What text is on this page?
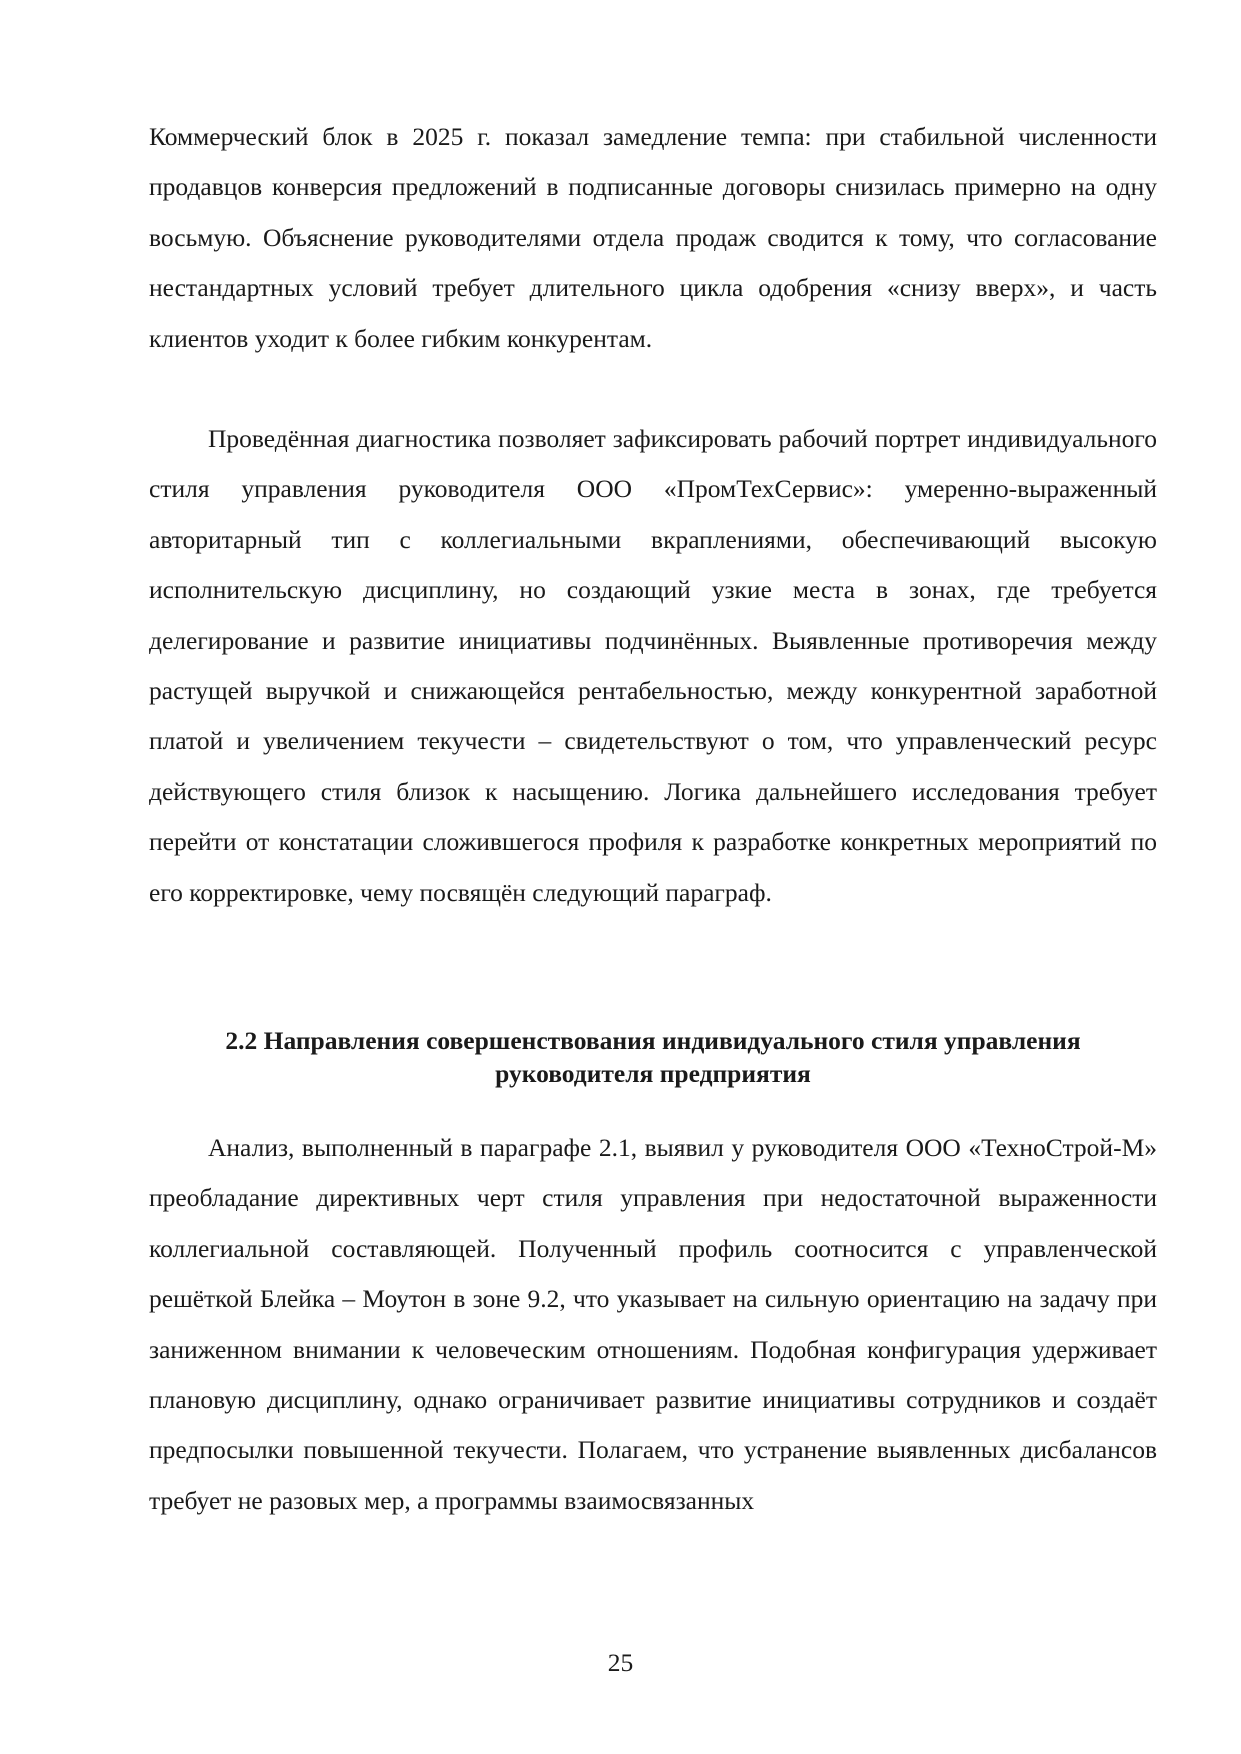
Коммерческий блок в 2025 г. показал замедление темпа: при стабильной численности продавцов конверсия предложений в подписанные договоры снизилась примерно на одну восьмую. Объяснение руководителями отдела продаж сводится к тому, что согласование нестандартных условий требует длительного цикла одобрения «снизу вверх», и часть клиентов уходит к более гибким конкурентам.

Проведённая диагностика позволяет зафиксировать рабочий портрет индивидуального стиля управления руководителя ООО «ПромТехСервис»: умеренно-выраженный авторитарный тип с коллегиальными вкраплениями, обеспечивающий высокую исполнительскую дисциплину, но создающий узкие места в зонах, где требуется делегирование и развитие инициативы подчинённых. Выявленные противоречия между растущей выручкой и снижающейся рентабельностью, между конкурентной заработной платой и увеличением текучести – свидетельствуют о том, что управленческий ресурс действующего стиля близок к насыщению. Логика дальнейшего исследования требует перейти от констатации сложившегося профиля к разработке конкретных мероприятий по его корректировке, чему посвящён следующий параграф.

2.2 Направления совершенствования индивидуального стиля управления руководителя предприятия

Анализ, выполненный в параграфе 2.1, выявил у руководителя ООО «ТехноСтрой-М» преобладание директивных черт стиля управления при недостаточной выраженности коллегиальной составляющей. Полученный профиль соотносится с управленческой решёткой Блейка – Моутон в зоне 9.2, что указывает на сильную ориентацию на задачу при заниженном внимании к человеческим отношениям. Подобная конфигурация удерживает плановую дисциплину, однако ограничивает развитие инициативы сотрудников и создаёт предпосылки повышенной текучести. Полагаем, что устранение выявленных дисбалансов требует не разовых мер, а программы взаимосвязанных

25
